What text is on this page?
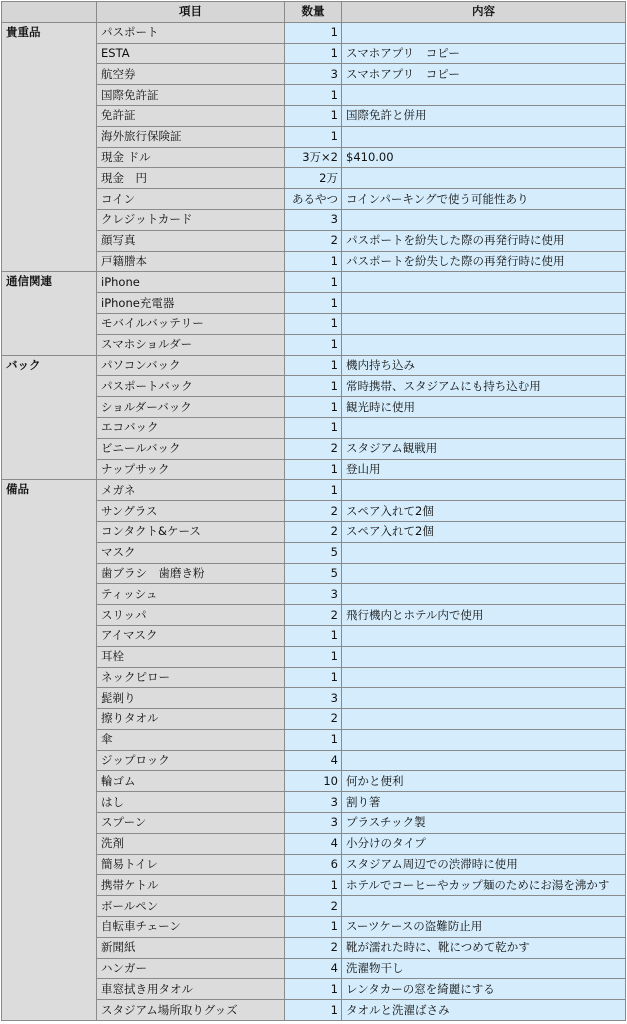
	項目	数量	内容
貴重品	パスポート	1	
	ESTA	1	スマホアプリ　コピー
	航空券	3	スマホアプリ　コピー
	国際免許証	1	
	免許証	1	国際免許と併用
	海外旅行保険証	1	
	現金 ドル	3万×2	$410.00
	現金　円	2万	
	コイン	あるやつ	コインパーキングで使う可能性あり
	クレジットカード	3	
	顔写真	2	パスポートを紛失した際の再発行時に使用
	戸籍謄本	1	パスポートを紛失した際の再発行時に使用
通信関連	iPhone	1	
	iPhone充電器	1	
	モバイルバッテリー	1	
	スマホショルダー	1	
バック	パソコンバック	1	機内持ち込み
	パスポートバック	1	常時携帯、スタジアムにも持ち込む用
	ショルダーバック	1	観光時に使用
	エコバック	1	
	ビニールバック	2	スタジアム観戦用
	ナップサック	1	登山用
備品	メガネ	1	
	サングラス	2	スペア入れて2個
	コンタクト&ケース	2	スペア入れて2個
	マスク	5	
	歯ブラシ　歯磨き粉	5	
	ティッシュ	3	
	スリッパ	2	飛行機内とホテル内で使用
	アイマスク	1	
	耳栓	1	
	ネックピロー	1	
	髭剃り	3	
	擦りタオル	2	
	傘	1	
	ジップロック	4	
	輪ゴム	10	何かと便利
	はし	3	割り箸
	スプーン	3	プラスチック製
	洗剤	4	小分けのタイプ
	簡易トイレ	6	スタジアム周辺での渋滞時に使用
	携帯ケトル	1	ホテルでコーヒーやカップ麺のためにお湯を沸かす
	ボールペン	2	
	自転車チェーン	1	スーツケースの盗難防止用
	新聞紙	2	靴が濡れた時に、靴につめて乾かす
	ハンガー	4	洗濯物干し
	車窓拭き用タオル	1	レンタカーの窓を綺麗にする
	スタジアム場所取りグッズ	1	タオルと洗濯ばさみ
